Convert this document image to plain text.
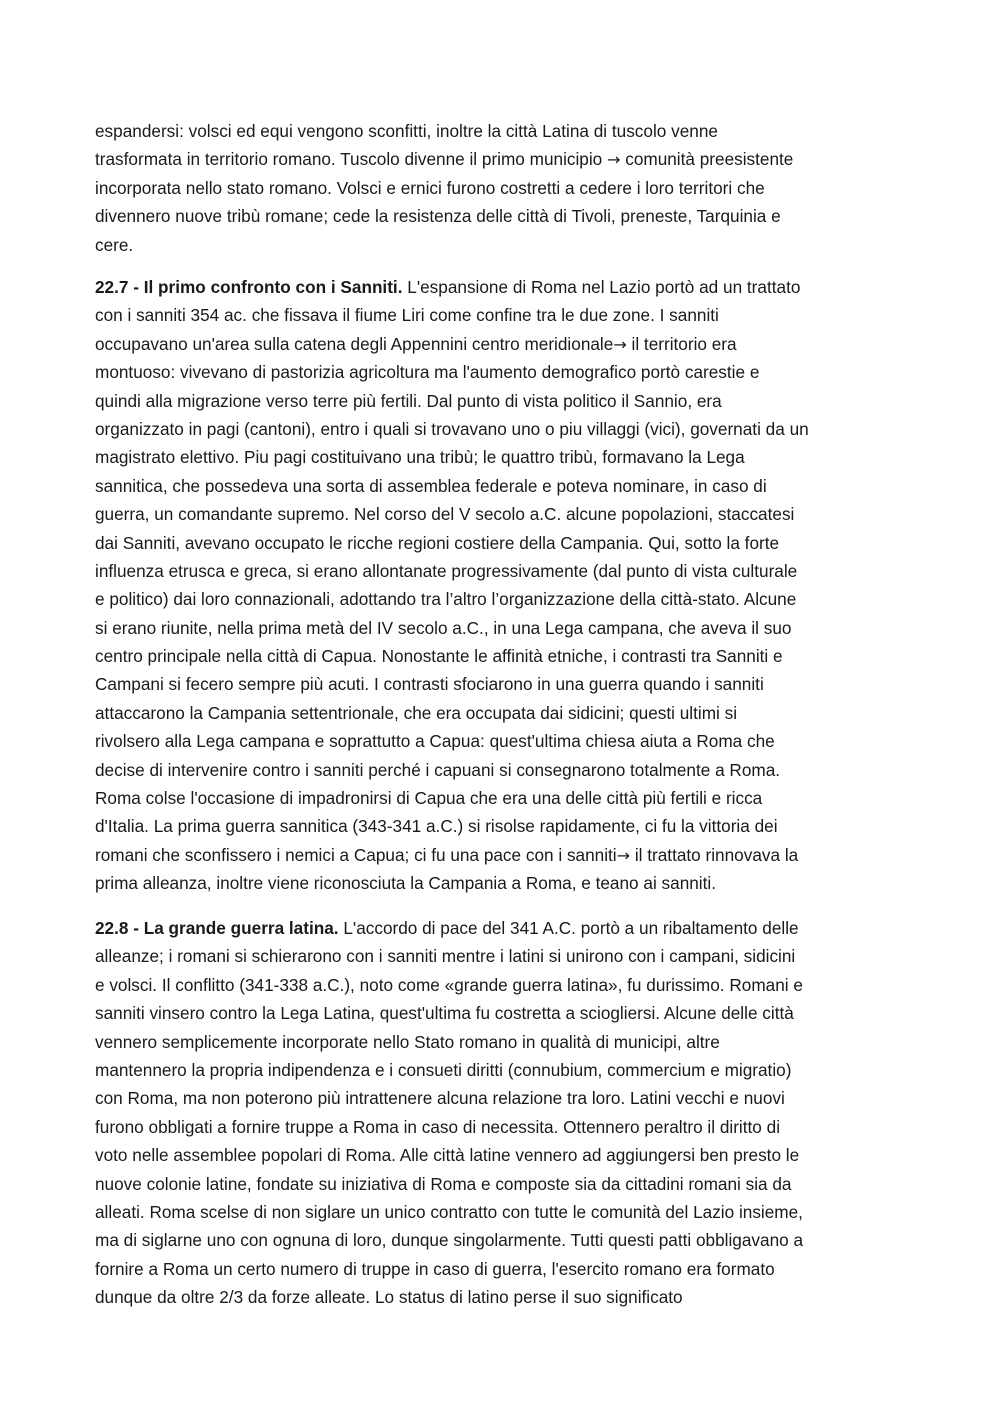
espandersi: volsci ed equi vengono sconfitti, inoltre la città Latina di tuscolo venne
trasformata in territorio romano. Tuscolo divenne il primo municipio → comunità preesistente
incorporata nello stato romano. Volsci e ernici furono costretti a cedere i loro territori che
divennero nuove tribù romane; cede la resistenza delle città di Tivoli, preneste, Tarquinia e
cere.
22.7 - Il primo confronto con i Sanniti. L'espansione di Roma nel Lazio portò ad un trattato
con i sanniti 354 ac. che fissava il fiume Liri come confine tra le due zone. I sanniti
occupavano un'area sulla catena degli Appennini centro meridionale→ il territorio era
montuoso: vivevano di pastorizia agricoltura ma l'aumento demografico portò carestie e
quindi alla migrazione verso terre più fertili. Dal punto di vista politico il Sannio, era
organizzato in pagi (cantoni), entro i quali si trovavano uno o piu villaggi (vici), governati da un
magistrato elettivo. Piu pagi costituivano una tribù; le quattro tribù, formavano la Lega
sannitica, che possedeva una sorta di assemblea federale e poteva nominare, in caso di
guerra, un comandante supremo. Nel corso del V secolo a.C. alcune popolazioni, staccatesi
dai Sanniti, avevano occupato le ricche regioni costiere della Campania. Qui, sotto la forte
influenza etrusca e greca, si erano allontanate progressivamente (dal punto di vista culturale
e politico) dai loro connazionali, adottando tra l’altro l’organizzazione della città-stato. Alcune
si erano riunite, nella prima metà del IV secolo a.C., in una Lega campana, che aveva il suo
centro principale nella città di Capua. Nonostante le affinità etniche, i contrasti tra Sanniti e
Campani si fecero sempre più acuti. I contrasti sfociarono in una guerra quando i sanniti
attaccarono la Campania settentrionale, che era occupata dai sidicini; questi ultimi si
rivolsero alla Lega campana e soprattutto a Capua: quest'ultima chiesa aiuta a Roma che
decise di intervenire contro i sanniti perché i capuani si consegnarono totalmente a Roma.
Roma colse l'occasione di impadronirsi di Capua che era una delle città più fertili e ricca
d'Italia. La prima guerra sannitica (343-341 a.C.) si risolse rapidamente, ci fu la vittoria dei
romani che sconfissero i nemici a Capua; ci fu una pace con i sanniti→ il trattato rinnovava la
prima alleanza, inoltre viene riconosciuta la Campania a Roma, e teano ai sanniti.
22.8 - La grande guerra latina. L'accordo di pace del 341 A.C. portò a un ribaltamento delle
alleanze; i romani si schierarono con i sanniti mentre i latini si unirono con i campani, sidicini
e volsci. Il conflitto (341-338 a.C.), noto come «grande guerra latina», fu durissimo. Romani e
sanniti vinsero contro la Lega Latina, quest'ultima fu costretta a sciogliersi. Alcune delle città
vennero semplicemente incorporate nello Stato romano in qualità di municipi, altre
mantennero la propria indipendenza e i consueti diritti (connubium, commercium e migratio)
con Roma, ma non poterono più intrattenere alcuna relazione tra loro. Latini vecchi e nuovi
furono obbligati a fornire truppe a Roma in caso di necessita. Ottennero peraltro il diritto di
voto nelle assemblee popolari di Roma. Alle città latine vennero ad aggiungersi ben presto le
nuove colonie latine, fondate su iniziativa di Roma e composte sia da cittadini romani sia da
alleati. Roma scelse di non siglare un unico contratto con tutte le comunità del Lazio insieme,
ma di siglarne uno con ognuna di loro, dunque singolarmente. Tutti questi patti obbligavano a
fornire a Roma un certo numero di truppe in caso di guerra, l'esercito romano era formato
dunque da oltre 2/3 da forze alleate. Lo status di latino perse il suo significato
